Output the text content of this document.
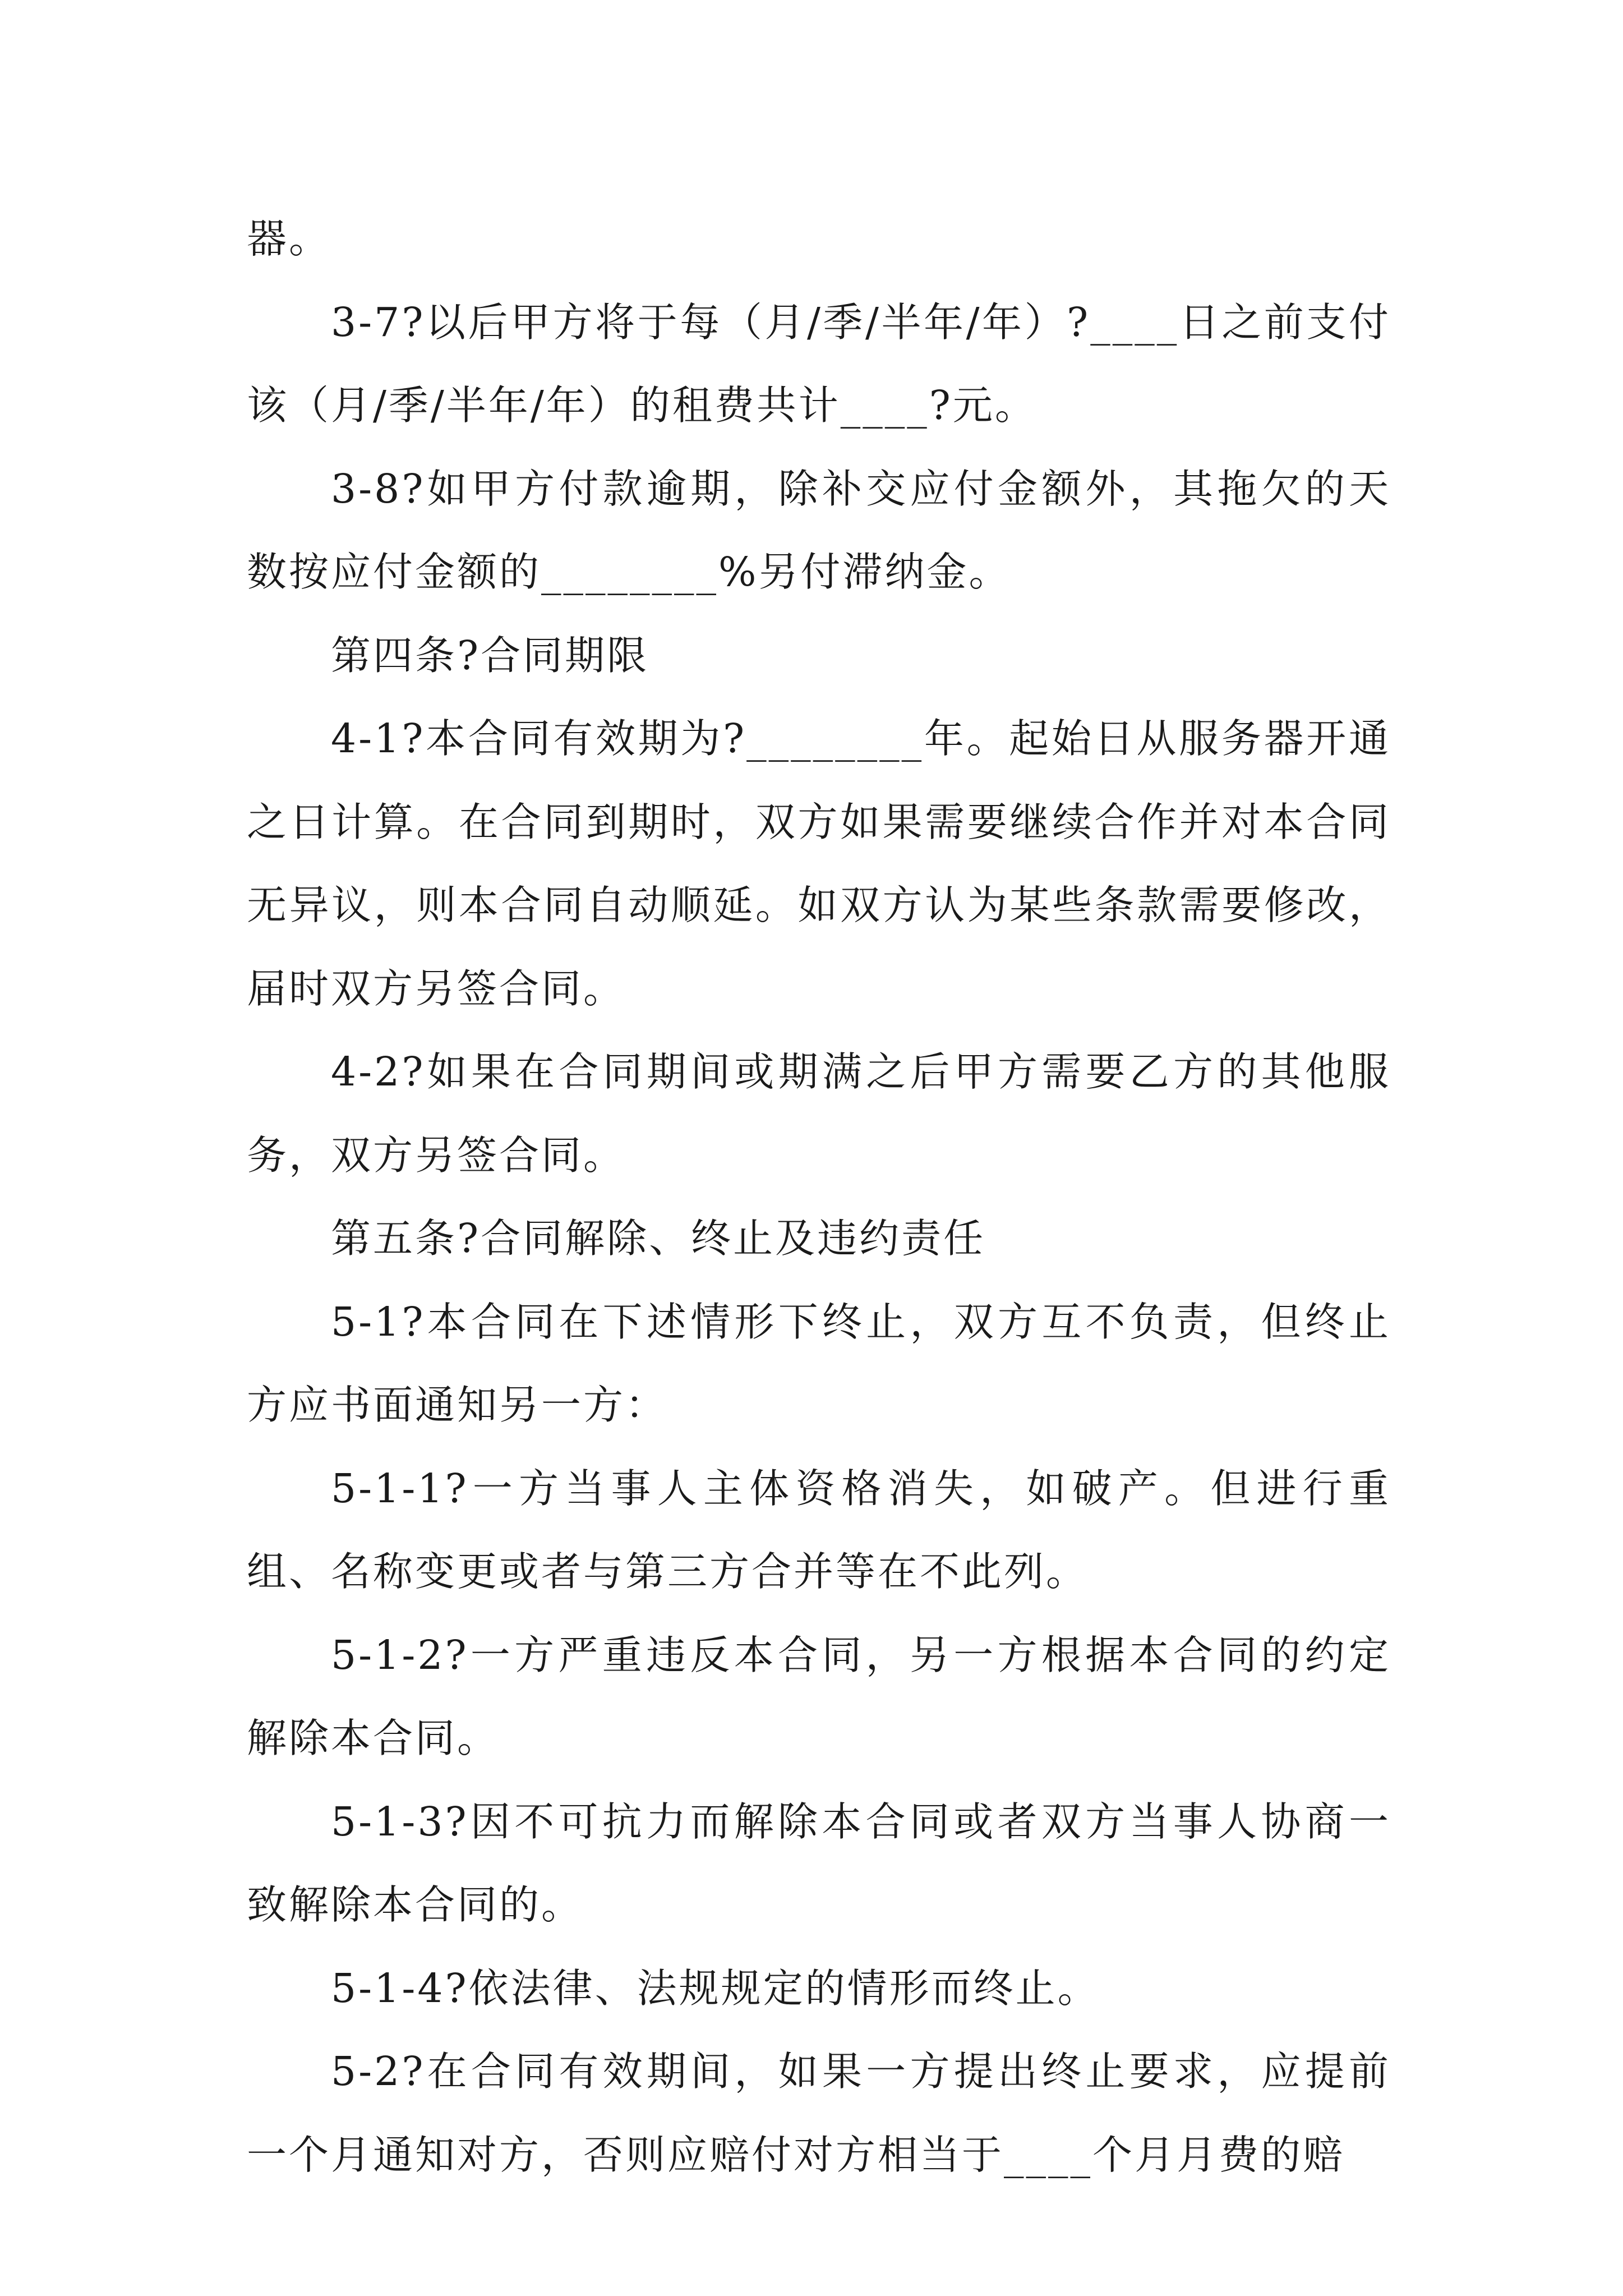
器。

3-7?以后甲方将于每（月/季/半年/年）?____日之前支付该（月/季/半年/年）的租费共计____?元。

3-8?如甲方付款逾期，除补交应付金额外，其拖欠的天数按应付金额的________%另付滞纳金。

第四条?合同期限

4-1?本合同有效期为?________年。起始日从服务器开通之日计算。在合同到期时，双方如果需要继续合作并对本合同无异议，则本合同自动顺延。如双方认为某些条款需要修改，届时双方另签合同。

4-2?如果在合同期间或期满之后甲方需要乙方的其他服务，双方另签合同。

第五条?合同解除、终止及违约责任

5-1?本合同在下述情形下终止，双方互不负责，但终止方应书面通知另一方：

5-1-1?一方当事人主体资格消失，如破产。但进行重组、名称变更或者与第三方合并等在不此列。

5-1-2?一方严重违反本合同，另一方根据本合同的约定解除本合同。

5-1-3?因不可抗力而解除本合同或者双方当事人协商一致解除本合同的。

5-1-4?依法律、法规规定的情形而终止。

5-2?在合同有效期间，如果一方提出终止要求，应提前一个月通知对方，否则应赔付对方相当于____个月月费的赔
